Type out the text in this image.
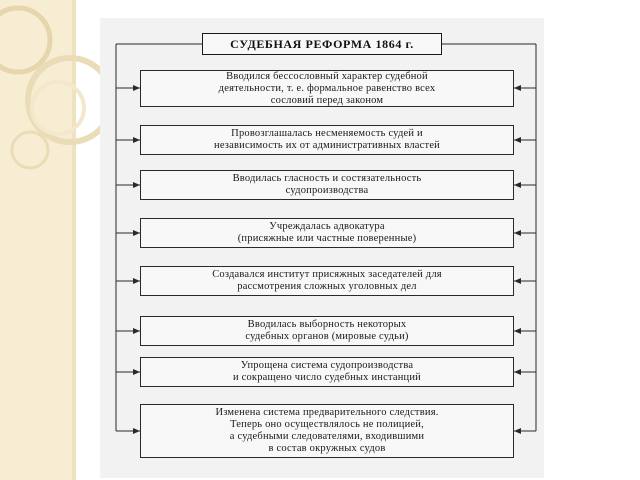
СУДЕБНАЯ РЕФОРМА 1864 г.
Вводился бессословный характер судебной
деятельности, т. е. формальное равенство всех
сословий перед законом
Провозглашалась несменяемость судей и
независимость их от административных властей
Вводилась гласность и состязательность
судопроизводства
Учреждалась адвокатура
(присяжные или частные поверенные)
Создавался институт присяжных заседателей для
рассмотрения сложных уголовных дел
Вводилась выборность некоторых
судебных органов (мировые судьи)
Упрощена система судопроизводства
и сокращено число судебных инстанций
Изменена система предварительного следствия.
Теперь оно осуществлялось не полицией,
а судебными следователями, входившими
в состав окружных судов
